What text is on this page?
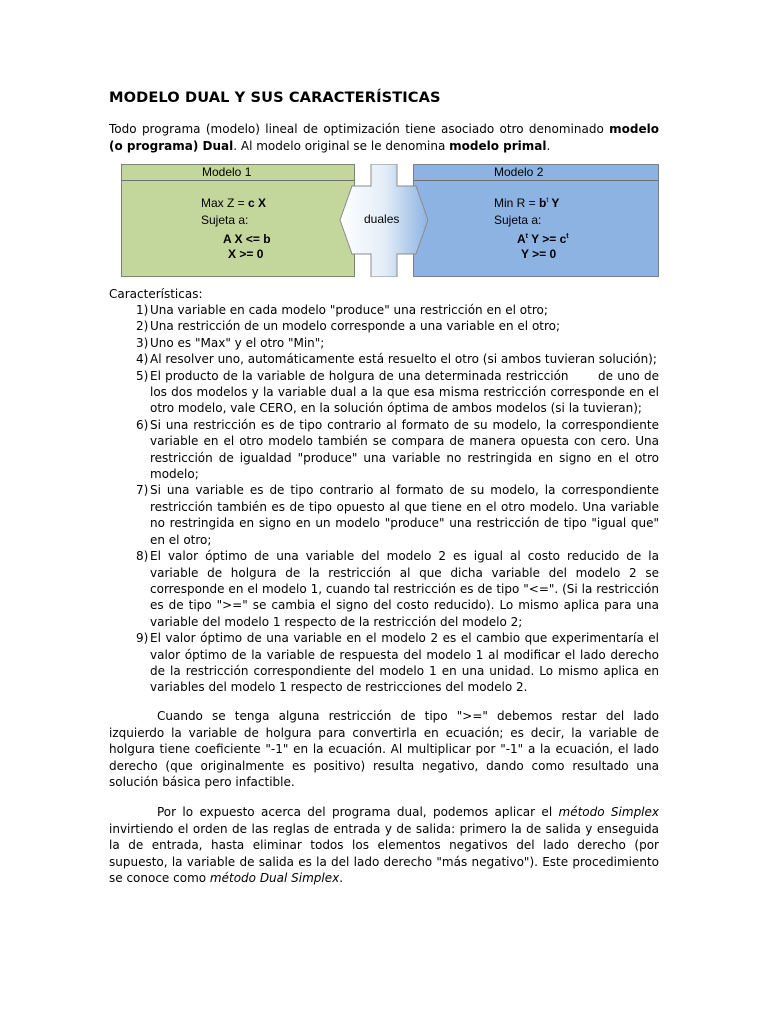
MODELO DUAL Y SUS CARACTERÍSTICAS
Todo programa (modelo) lineal de optimización tiene asociado otro denominado modelo (o programa) Dual. Al modelo original se le denomina modelo primal.
Modelo 1
Max Z = c X
Sujeta a:
A X <= b
X >= 0
Modelo 2
Min $R = b^t$ Y
Sujeta a:
$A^t$ $Y >= c^t$
Y >= 0
duales
Características:
1) Una variable en cada modelo "produce" una restricción en el otro;
2) Una restricción de un modelo corresponde a una variable en el otro;
3) Uno es "Max" y el otro "Min";
4) Al resolver uno, automáticamente está resuelto el otro (si ambos tuvieran solución);
5) El producto de la variable de holgura de una determinada restricción       de uno de los dos modelos y la variable dual a la que esa misma restricción corresponde en el otro modelo, vale CERO, en la solución óptima de ambos modelos (si la tuvieran);
6) Si una restricción es de tipo contrario al formato de su modelo, la correspondiente variable en el otro modelo también se compara de manera opuesta con cero. Una restricción de igualdad "produce" una variable no restringida en signo en el otro modelo;
7) Si una variable es de tipo contrario al formato de su modelo, la correspondiente restricción también es de tipo opuesto al que tiene en el otro modelo. Una variable no restringida en signo en un modelo "produce" una restricción de tipo "igual que" en el otro;
8) El valor óptimo de una variable del modelo 2 es igual al costo reducido de la variable de holgura de la restricción al que dicha variable del modelo 2 se corresponde en el modelo 1, cuando tal restricción es de tipo "<=". (Si la restricción es de tipo ">=" se cambia el signo del costo reducido). Lo mismo aplica para una variable del modelo 1 respecto de la restricción del modelo 2;
9) El valor óptimo de una variable en el modelo 2 es el cambio que experimentaría el valor óptimo de la variable de respuesta del modelo 1 al modificar el lado derecho de la restricción correspondiente del modelo 1 en una unidad. Lo mismo aplica en variables del modelo 1 respecto de restricciones del modelo 2.
Cuando se tenga alguna restricción de tipo ">=" debemos restar del lado izquierdo la variable de holgura para convertirla en ecuación; es decir, la variable de holgura tiene coeficiente "-1" en la ecuación. Al multiplicar por "-1" a la ecuación, el lado derecho (que originalmente es positivo) resulta negativo, dando como resultado una solución básica pero infactible.
Por lo expuesto acerca del programa dual, podemos aplicar el método Simplex invirtiendo el orden de las reglas de entrada y de salida: primero la de salida y enseguida la de entrada, hasta eliminar todos los elementos negativos del lado derecho (por supuesto, la variable de salida es la del lado derecho "más negativo"). Este procedimiento se conoce como método Dual Simplex.
